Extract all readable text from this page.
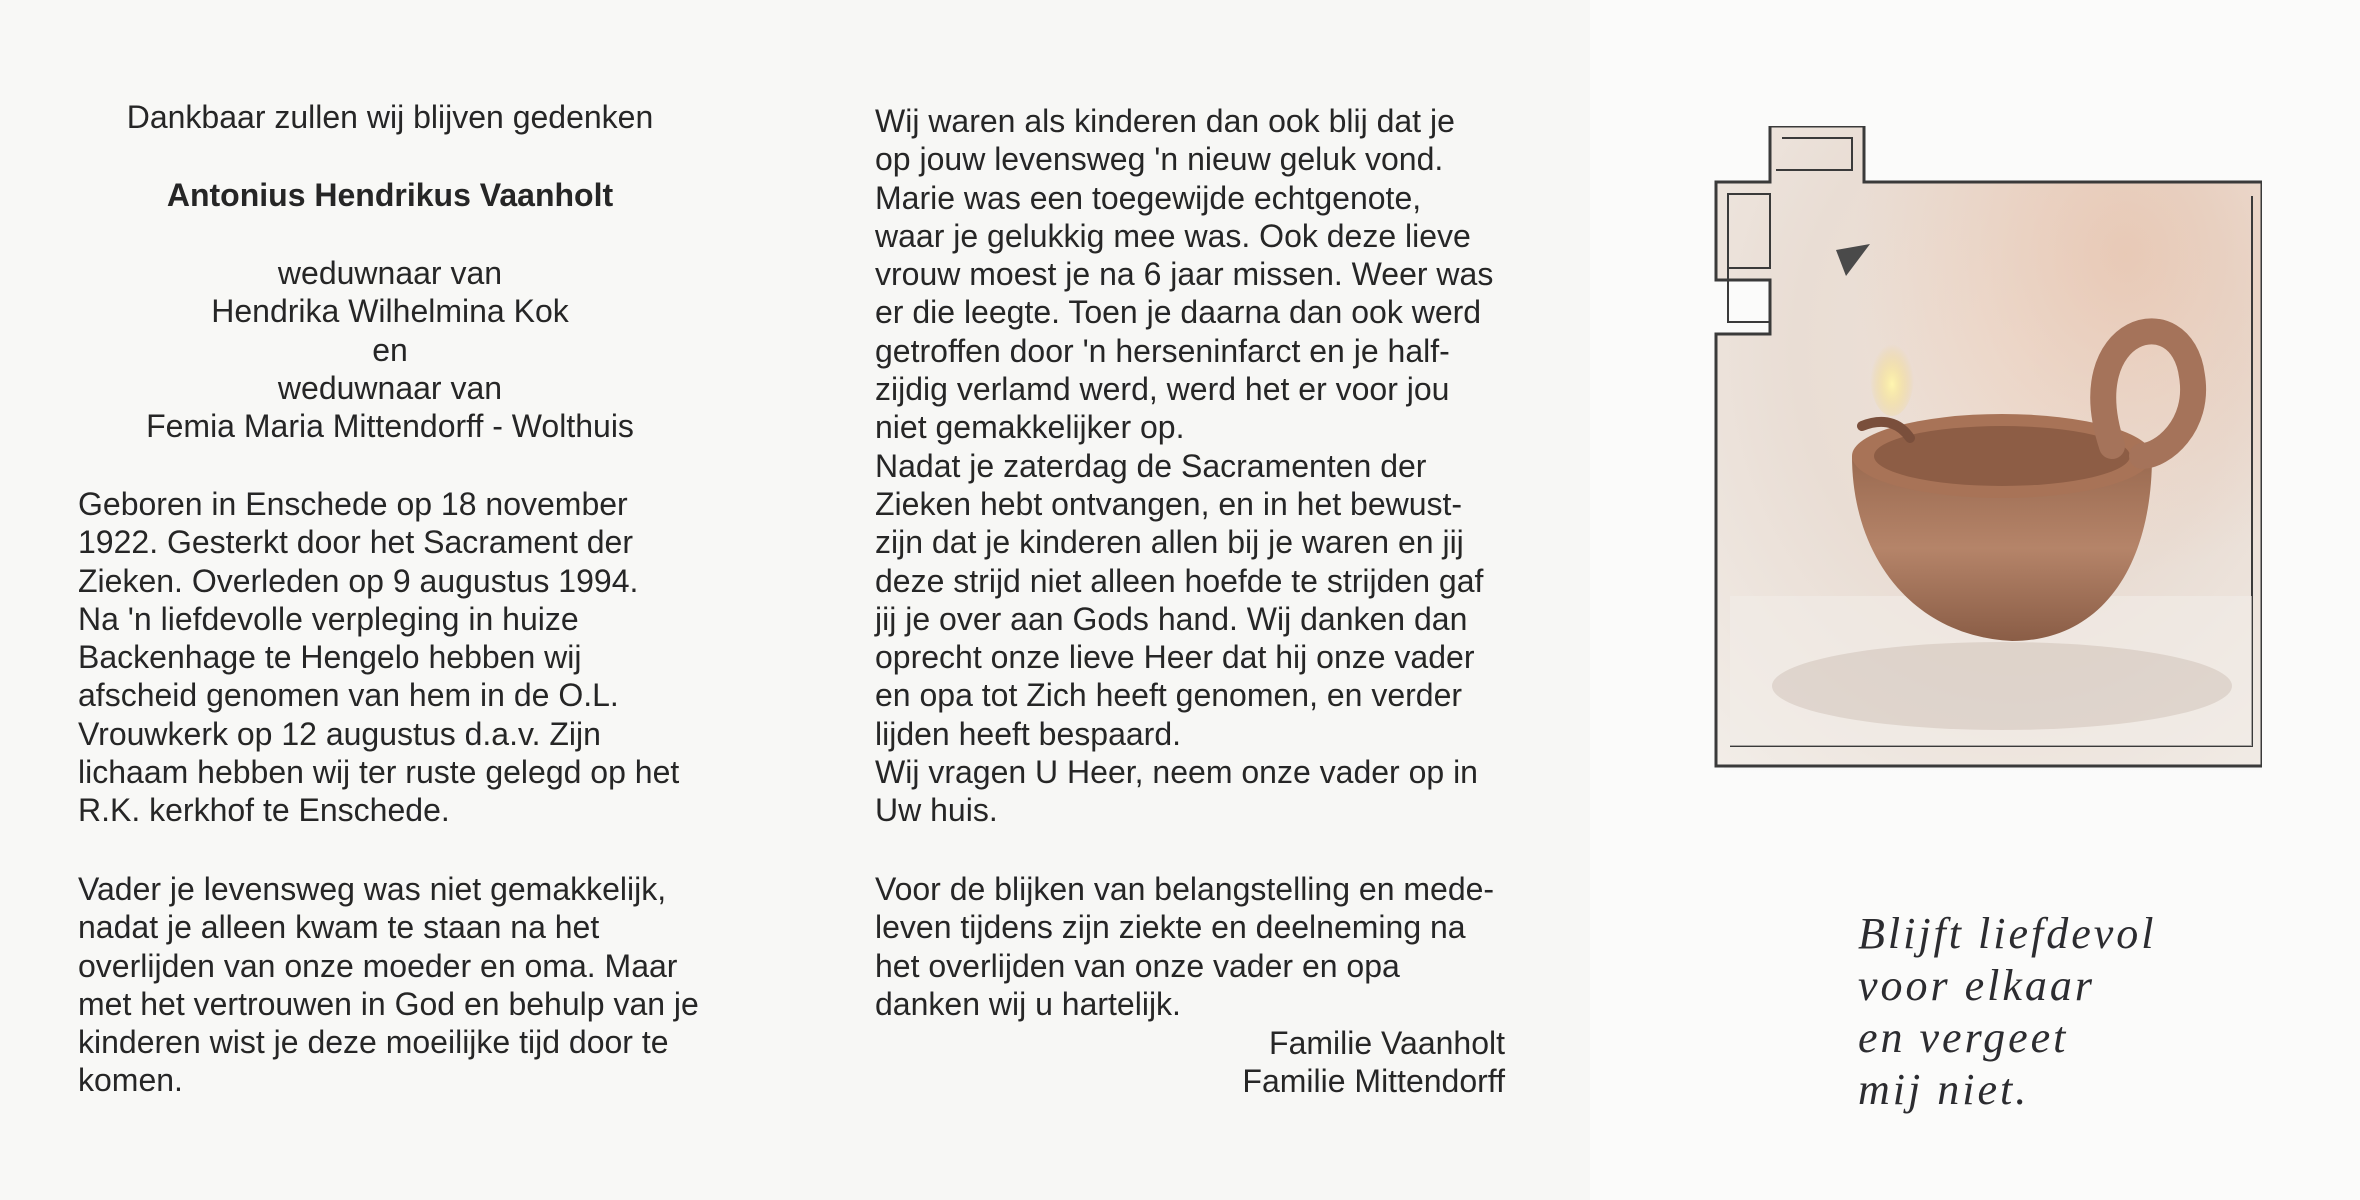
Dankbaar zullen wij blijven gedenken
Antonius Hendrikus Vaanholt
weduwnaar van
Hendrika Wilhelmina Kok
en
weduwnaar van
Femia Maria Mittendorff - Wolthuis

Geboren in Enschede op 18 november
1922. Gesterkt door het Sacrament der
Zieken. Overleden op 9 augustus 1994.
Na 'n liefdevolle verpleging in huize
Backenhage te Hengelo hebben wij
afscheid genomen van hem in de O.L.
Vrouwkerk op 12 augustus d.a.v. Zijn
lichaam hebben wij ter ruste gelegd op het
R.K. kerkhof te Enschede.

Vader je levensweg was niet gemakkelijk,
nadat je alleen kwam te staan na het
overlijden van onze moeder en oma. Maar
met het vertrouwen in God en behulp van je
kinderen wist je deze moeilijke tijd door te
komen.

Wij waren als kinderen dan ook blij dat je
op jouw levensweg 'n nieuw geluk vond.
Marie was een toegewijde echtgenote,
waar je gelukkig mee was. Ook deze lieve
vrouw moest je na 6 jaar missen. Weer was
er die leegte. Toen je daarna dan ook werd
getroffen door 'n herseninfarct en je half-
zijdig verlamd werd, werd het er voor jou
niet gemakkelijker op.
Nadat je zaterdag de Sacramenten der
Zieken hebt ontvangen, en in het bewust-
zijn dat je kinderen allen bij je waren en jij
deze strijd niet alleen hoefde te strijden gaf
jij je over aan Gods hand. Wij danken dan
oprecht onze lieve Heer dat hij onze vader
en opa tot Zich heeft genomen, en verder
lijden heeft bespaard.
Wij vragen U Heer, neem onze vader op in
Uw huis.

Voor de blijken van belangstelling en mede-
leven tijdens zijn ziekte en deelneming na
het overlijden van onze vader en opa
danken wij u hartelijk.

Familie Vaanholt
Familie Mittendorff
Blijft liefdevol
voor elkaar
en vergeet
mij niet.
